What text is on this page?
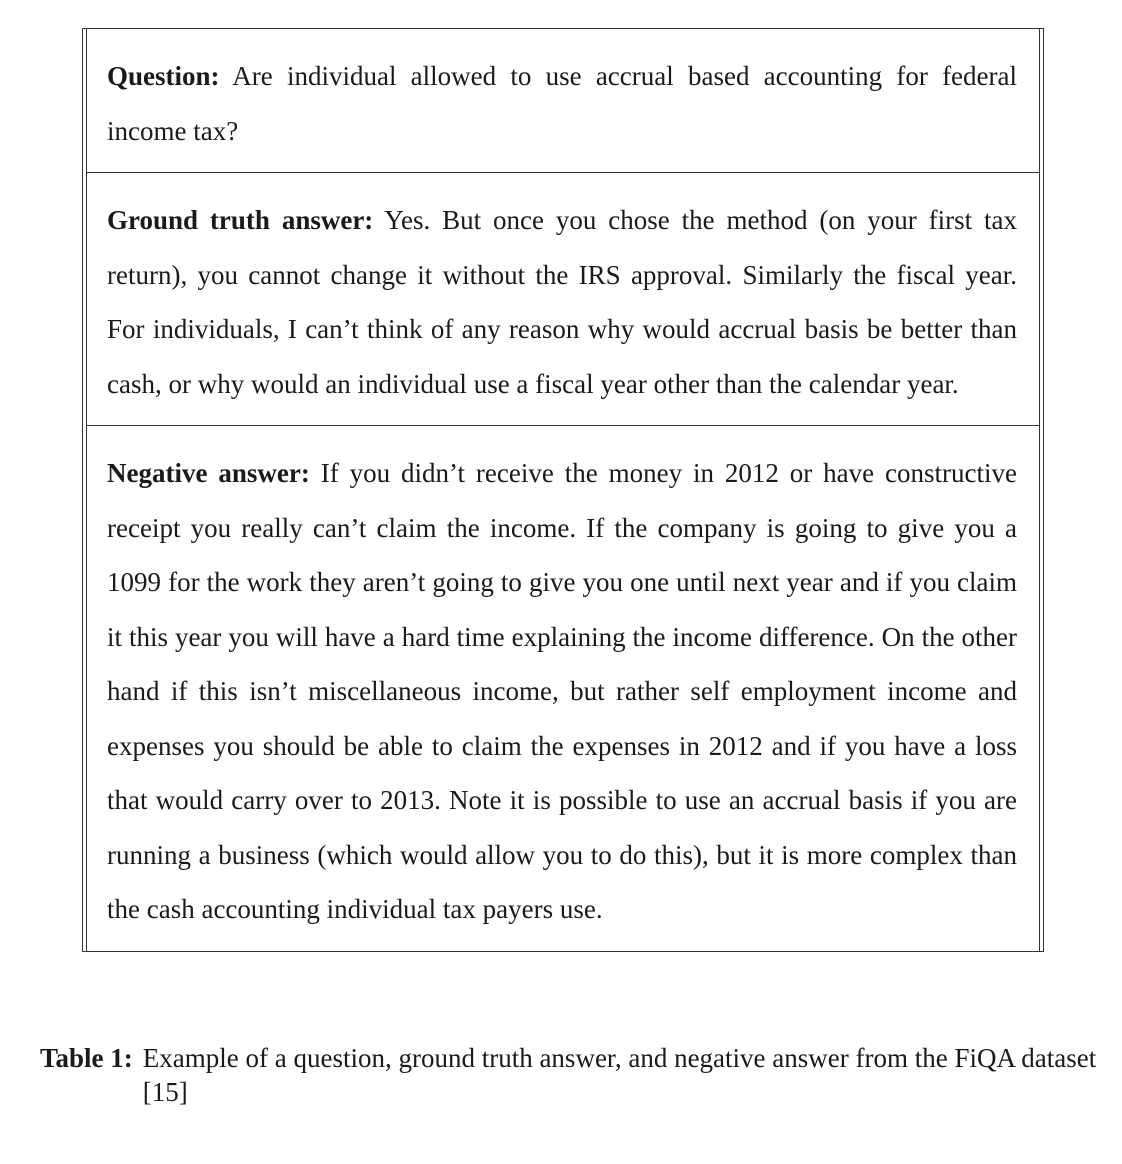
Question: Are individual allowed to use accrual based accounting for federal income tax?
Ground truth answer: Yes. But once you chose the method (on your first tax return), you cannot change it without the IRS approval. Similarly the fiscal year. For individuals, I can’t think of any reason why would accrual basis be better than cash, or why would an individual use a fiscal year other than the calendar year.
Negative answer: If you didn’t receive the money in 2012 or have constructive receipt you really can’t claim the income. If the company is going to give you a 1099 for the work they aren’t going to give you one until next year and if you claim it this year you will have a hard time explaining the income difference. On the other hand if this isn’t miscellaneous income, but rather self employment income and expenses you should be able to claim the expenses in 2012 and if you have a loss that would carry over to 2013. Note it is possible to use an accrual basis if you are running a business (which would allow you to do this), but it is more complex than the cash accounting individual tax payers use.
Table 1: Example of a question, ground truth answer, and negative answer from the FiQA dataset [15]
